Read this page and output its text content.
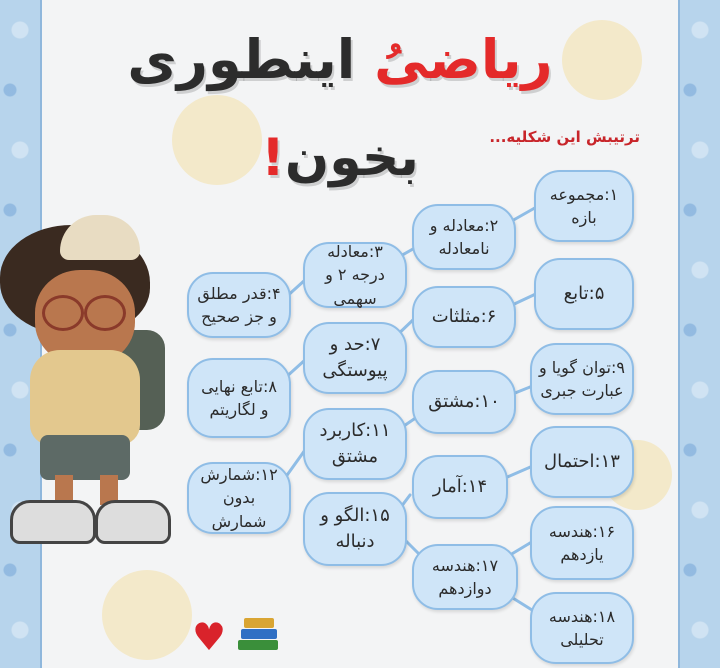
ریاضیُ اینطوری
بخون!	ترتیبش این شکلیه...
۱:مجموعه بازه
۲:معادله و نامعادله
۳:معادله درجه ۲ و سهمی
۴:قدر مطلق و جز صحیح
۵:تابع
۶:مثلثات
۷:حد و پیوستگی
۸:تابع نهایی و لگاریتم
۹:توان گویا و عبارت جبری
۱۰:مشتق
۱۱:کاربرد مشتق
۱۲:شمارش بدون شمارش
۱۳:احتمال
۱۴:آمار
۱۵:الگو و دنباله	۱۶:هندسه یازدهم
۱۷:هندسه دوازدهم
۱۸:هندسه تحلیلی
♥
